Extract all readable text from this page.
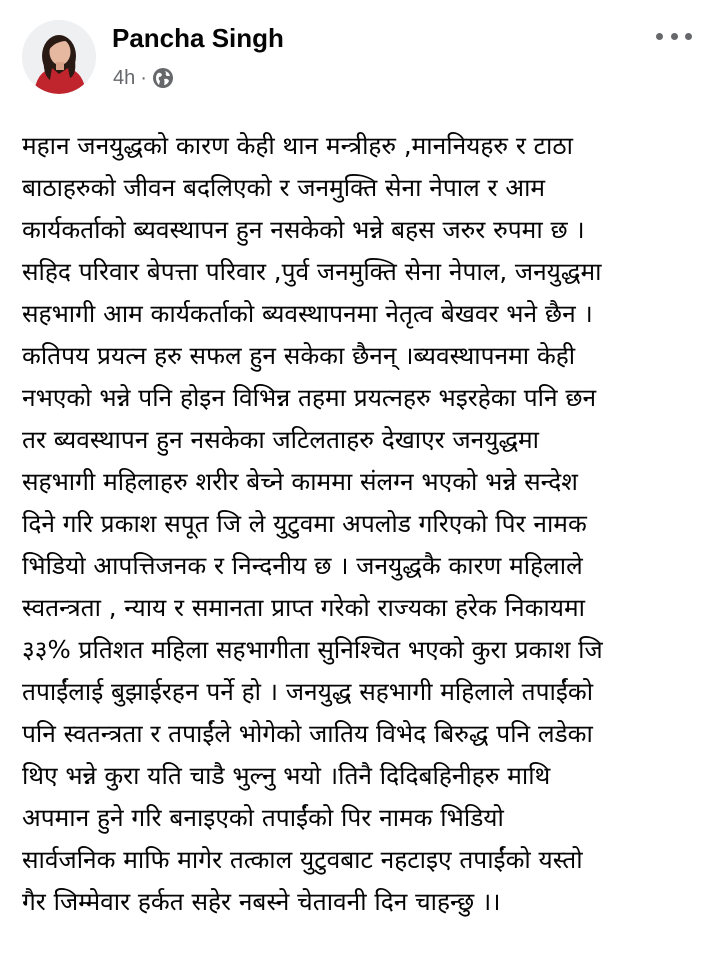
Pancha Singh
4h ·
महान जनयुद्धको कारण केही थान मन्त्रीहरु ,माननियहरु र टाठा
बाठाहरुको जीवन बदलिएको र जनमुक्ति सेना नेपाल र आम
कार्यकर्ताको ब्यवस्थापन हुन नसकेको भन्ने बहस जरुर रुपमा छ ।
सहिद परिवार बेपत्ता परिवार ,पुर्व जनमुक्ति सेना नेपाल, जनयुद्धमा
सहभागी आम कार्यकर्ताको ब्यवस्थापनमा नेतृत्व बेखवर भने छैन ।
कतिपय प्रयत्न हरु सफल हुन सकेका छैनन् ।ब्यवस्थापनमा केही
नभएको भन्ने पनि होइन विभिन्न तहमा प्रयत्नहरु भइरहेका पनि छन
तर ब्यवस्थापन हुन नसकेका जटिलताहरु देखाएर जनयुद्धमा
सहभागी महिलाहरु शरीर बेच्ने काममा संलग्न भएको भन्ने सन्देश
दिने गरि प्रकाश सपूत जि ले युटुवमा अपलोड गरिएको पिर नामक
भिडियो आपत्तिजनक र निन्दनीय छ । जनयुद्धकै कारण महिलाले
स्वतन्त्रता , न्याय र समानता प्राप्त गरेको राज्यका हरेक निकायमा
३३% प्रतिशत महिला सहभागीता सुनिश्चित भएको कुरा प्रकाश जि
तपाईंलाई बुझाईरहन पर्ने हो । जनयुद्ध सहभागी महिलाले तपाईंको
पनि स्वतन्त्रता र तपाईंले भोगेको जातिय विभेद बिरुद्ध पनि लडेका
थिए भन्ने कुरा यति चाडै भुल्नु भयो ।तिनै दिदिबहिनीहरु माथि
अपमान हुने गरि बनाइएको तपाईंको पिर नामक भिडियो
सार्वजनिक माफि मागेर तत्काल युटुवबाट नहटाइए तपाईंको यस्तो
गैर जिम्मेवार हर्कत सहेर नबस्ने चेतावनी दिन चाहन्छु ।।
